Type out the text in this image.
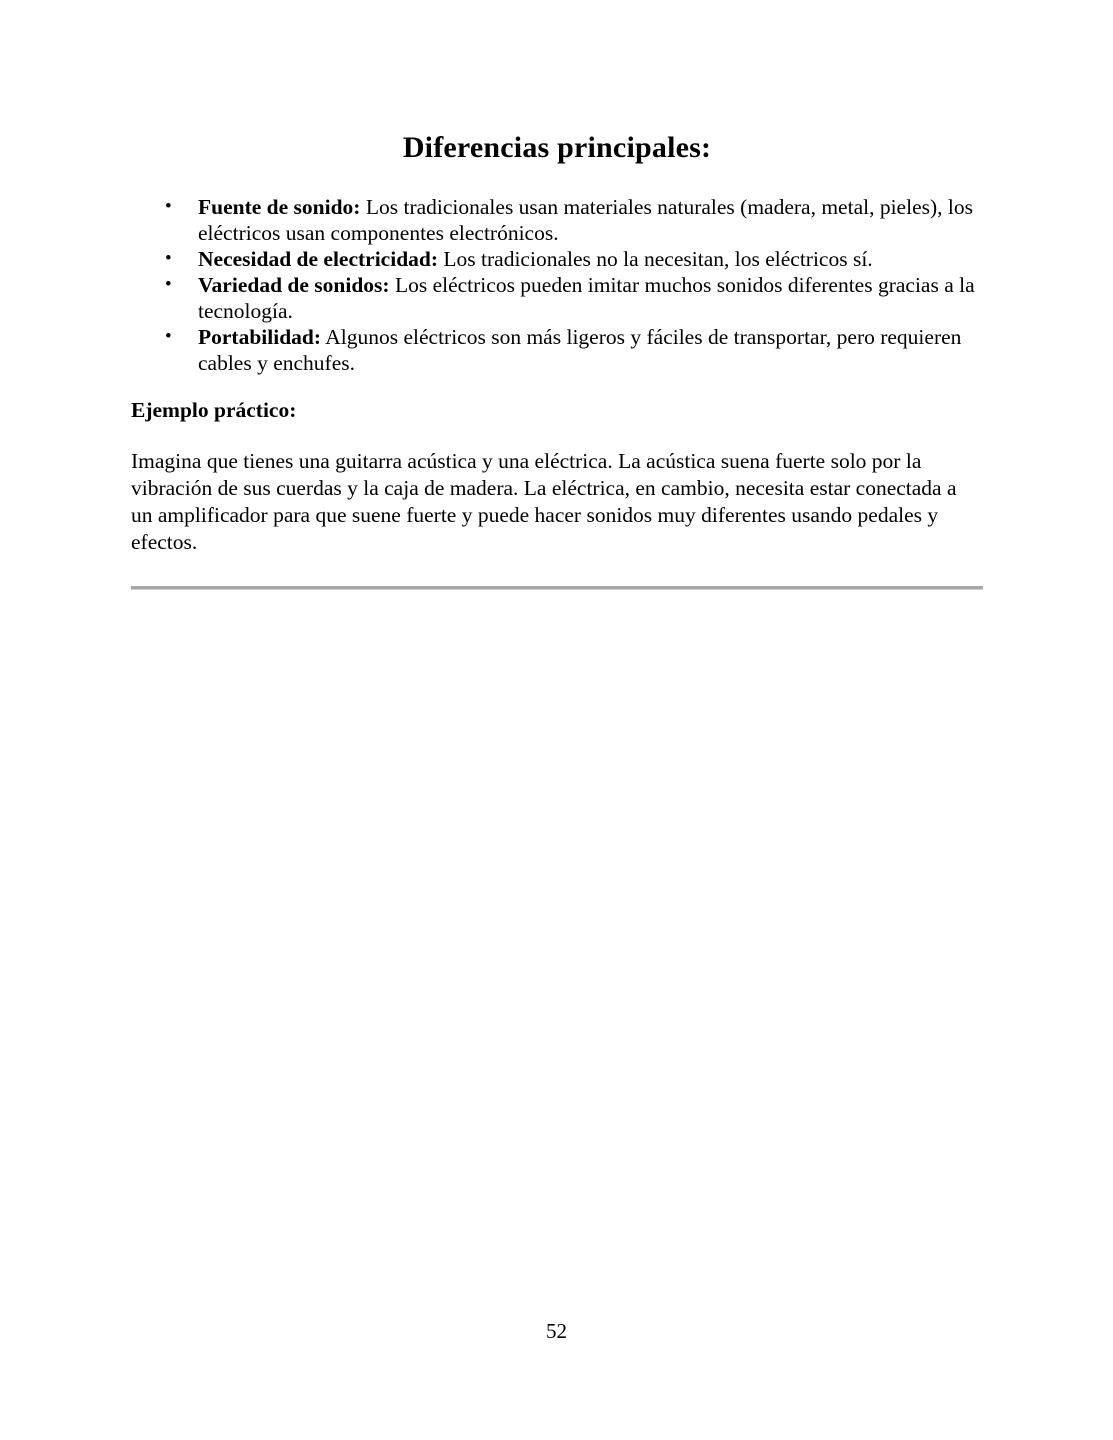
Diferencias principales:
• Fuente de sonido: Los tradicionales usan materiales naturales (madera, metal, pieles), los eléctricos usan componentes electrónicos.
• Necesidad de electricidad: Los tradicionales no la necesitan, los eléctricos sí.
• Variedad de sonidos: Los eléctricos pueden imitar muchos sonidos diferentes gracias a la tecnología.
• Portabilidad: Algunos eléctricos son más ligeros y fáciles de transportar, pero requieren cables y enchufes.
Ejemplo práctico:
Imagina que tienes una guitarra acústica y una eléctrica. La acústica suena fuerte solo por la vibración de sus cuerdas y la caja de madera. La eléctrica, en cambio, necesita estar conectada a un amplificador para que suene fuerte y puede hacer sonidos muy diferentes usando pedales y efectos.
52
